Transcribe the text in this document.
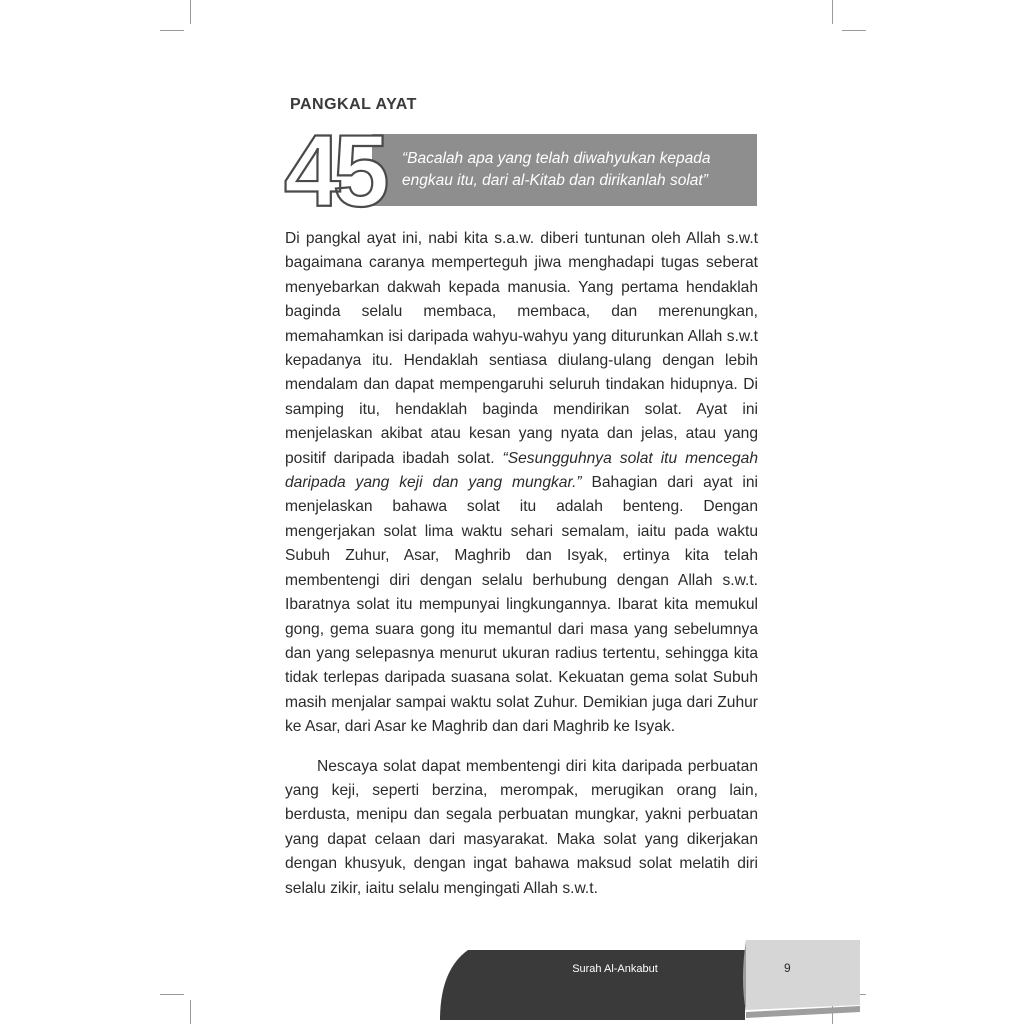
PANGKAL AYAT
45	“Bacalah apa yang telah diwahyukan kepada
engkau itu, dari al-Kitab dan dirikanlah solat”

Di pangkal ayat ini, nabi kita s.a.w. diberi tuntunan oleh Allah s.w.t bagaimana caranya memperteguh jiwa menghadapi tugas seberat menyebarkan dakwah kepada manusia. Yang pertama hendaklah baginda selalu membaca, membaca, dan merenungkan, memahamkan isi daripada wahyu-wahyu yang diturunkan Allah s.w.t kepadanya itu. Hendaklah sentiasa diulang-ulang dengan lebih mendalam dan dapat mempengaruhi seluruh tindakan hidupnya. Di samping itu, hendaklah baginda mendirikan solat. Ayat ini menjelaskan akibat atau kesan yang nyata dan jelas, atau yang positif daripada ibadah solat. “Sesungguhnya solat itu mencegah daripada yang keji dan yang mungkar.” Bahagian dari ayat ini menjelaskan bahawa solat itu adalah benteng. Dengan mengerjakan solat lima waktu sehari semalam, iaitu pada waktu Subuh Zuhur, Asar, Maghrib dan Isyak, ertinya kita telah membentengi diri dengan selalu berhubung dengan Allah s.w.t. Ibaratnya solat itu mempunyai lingkungannya. Ibarat kita memukul gong, gema suara gong itu memantul dari masa yang sebelumnya dan yang selepasnya menurut ukuran radius tertentu, sehingga kita tidak terlepas daripada suasana solat. Kekuatan gema solat Subuh masih menjalar sampai waktu solat Zuhur. Demikian juga dari Zuhur ke Asar, dari Asar ke Maghrib dan dari Maghrib ke Isyak.

Nescaya solat dapat membentengi diri kita daripada perbuatan yang keji, seperti berzina, merompak, merugikan orang lain, berdusta, menipu dan segala perbuatan mungkar, yakni perbuatan yang dapat celaan dari masyarakat. Maka solat yang dikerjakan dengan khusyuk, dengan ingat bahawa maksud solat melatih diri selalu zikir, iaitu selalu mengingati Allah s.w.t.

Surah Al-Ankabut	9
